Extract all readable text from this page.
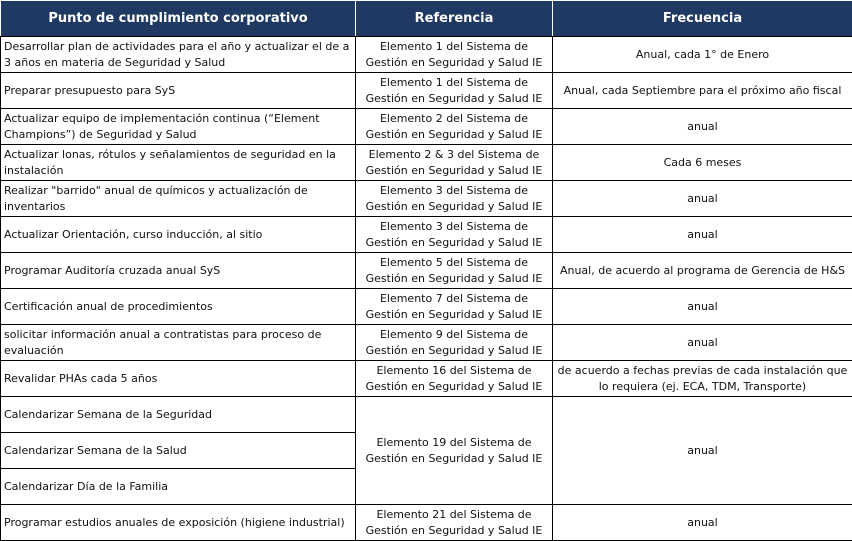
Punto de cumplimiento corporativo	Referencia	Frecuencia
Desarrollar plan de actividades para el año y actualizar el de a 3 años en materia de Seguridad y Salud	Elemento 1 del Sistema de Gestión en Seguridad y Salud IE	Anual, cada 1° de Enero
Preparar presupuesto para SyS	Elemento 1 del Sistema de Gestión en Seguridad y Salud IE	Anual, cada Septiembre para el próximo año fiscal
Actualizar equipo de implementación continua (“Element Champions”) de Seguridad y Salud	Elemento 2 del Sistema de Gestión en Seguridad y Salud IE	anual
Actualizar lonas, rótulos y señalamientos de seguridad en la instalación	Elemento 2 & 3 del Sistema de Gestión en Seguridad y Salud IE	Cada 6 meses
Realizar "barrido" anual de químicos y actualización de inventarios	Elemento 3 del Sistema de Gestión en Seguridad y Salud IE	anual
Actualizar Orientación, curso inducción, al sitio	Elemento 3 del Sistema de Gestión en Seguridad y Salud IE	anual
Programar Auditoría cruzada anual SyS	Elemento 5 del Sistema de Gestión en Seguridad y Salud IE	Anual, de acuerdo al programa de Gerencia de H&S
Certificación anual de procedimientos	Elemento 7 del Sistema de Gestión en Seguridad y Salud IE	anual
solicitar información anual a contratistas para proceso de evaluación	Elemento 9 del Sistema de Gestión en Seguridad y Salud IE	anual
Revalidar PHAs cada 5 años	Elemento 16 del Sistema de Gestión en Seguridad y Salud IE	de acuerdo a fechas previas de cada instalación que lo requiera (ej. ECA, TDM, Transporte)
Calendarizar Semana de la Seguridad	Elemento 19 del Sistema de Gestión en Seguridad y Salud IE	anual
Calendarizar Semana de la Salud		
Calendarizar Día de la Familia		
Programar estudios anuales de exposición (higiene industrial)	Elemento 21 del Sistema de Gestión en Seguridad y Salud IE	anual
